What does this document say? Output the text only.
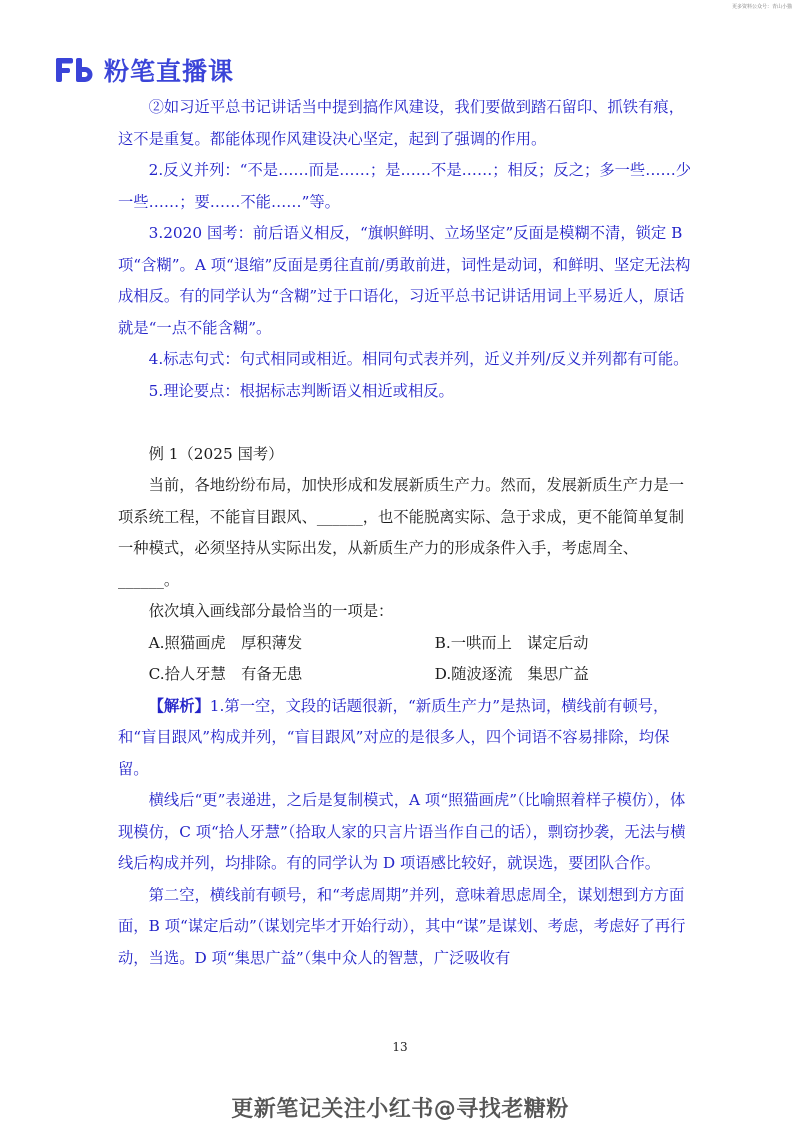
更多资料公众号：青山小猫
粉笔直播课

②如习近平总书记讲话当中提到搞作风建设，我们要做到踏石留印、抓铁有痕，这不是重复。都能体现作风建设决心坚定，起到了强调的作用。

2.反义并列：“不是……而是……；是……不是……；相反；反之；多一些……少一些……；要……不能……”等。

3.2020 国考：前后语义相反，“旗帜鲜明、立场坚定”反面是模糊不清，锁定 B 项“含糊”。A 项“退缩”反面是勇往直前/勇敢前进，词性是动词，和鲜明、坚定无法构成相反。有的同学认为“含糊”过于口语化，习近平总书记讲话用词上平易近人，原话就是“一点不能含糊”。

4.标志句式：句式相同或相近。相同句式表并列，近义并列/反义并列都有可能。

5.理论要点：根据标志判断语义相近或相反。

例 1（2025 国考）

当前，各地纷纷布局，加快形成和发展新质生产力。然而，发展新质生产力是一项系统工程，不能盲目跟风、______，也不能脱离实际、急于求成，更不能简单复制一种模式，必须坚持从实际出发，从新质生产力的形成条件入手，考虑周全、______。

依次填入画线部分最恰当的一项是：

A.照猫画虎　厚积薄发	B.一哄而上　谋定后动
C.拾人牙慧　有备无患	D.随波逐流　集思广益

【解析】1.第一空，文段的话题很新，“新质生产力”是热词，横线前有顿号，和“盲目跟风”构成并列，“盲目跟风”对应的是很多人，四个词语不容易排除，均保留。

横线后“更”表递进，之后是复制模式，A 项“照猫画虎”（比喻照着样子模仿），体现模仿，C 项“拾人牙慧”（拾取人家的只言片语当作自己的话），剽窃抄袭，无法与横线后构成并列，均排除。有的同学认为 D 项语感比较好，就误选，要团队合作。

第二空，横线前有顿号，和“考虑周期”并列，意味着思虑周全，谋划想到方方面面，B 项“谋定后动”（谋划完毕才开始行动），其中“谋”是谋划、考虑，考虑好了再行动，当选。D 项“集思广益”（集中众人的智慧，广泛吸收有

13
更新笔记关注小红书@寻找老糖粉
